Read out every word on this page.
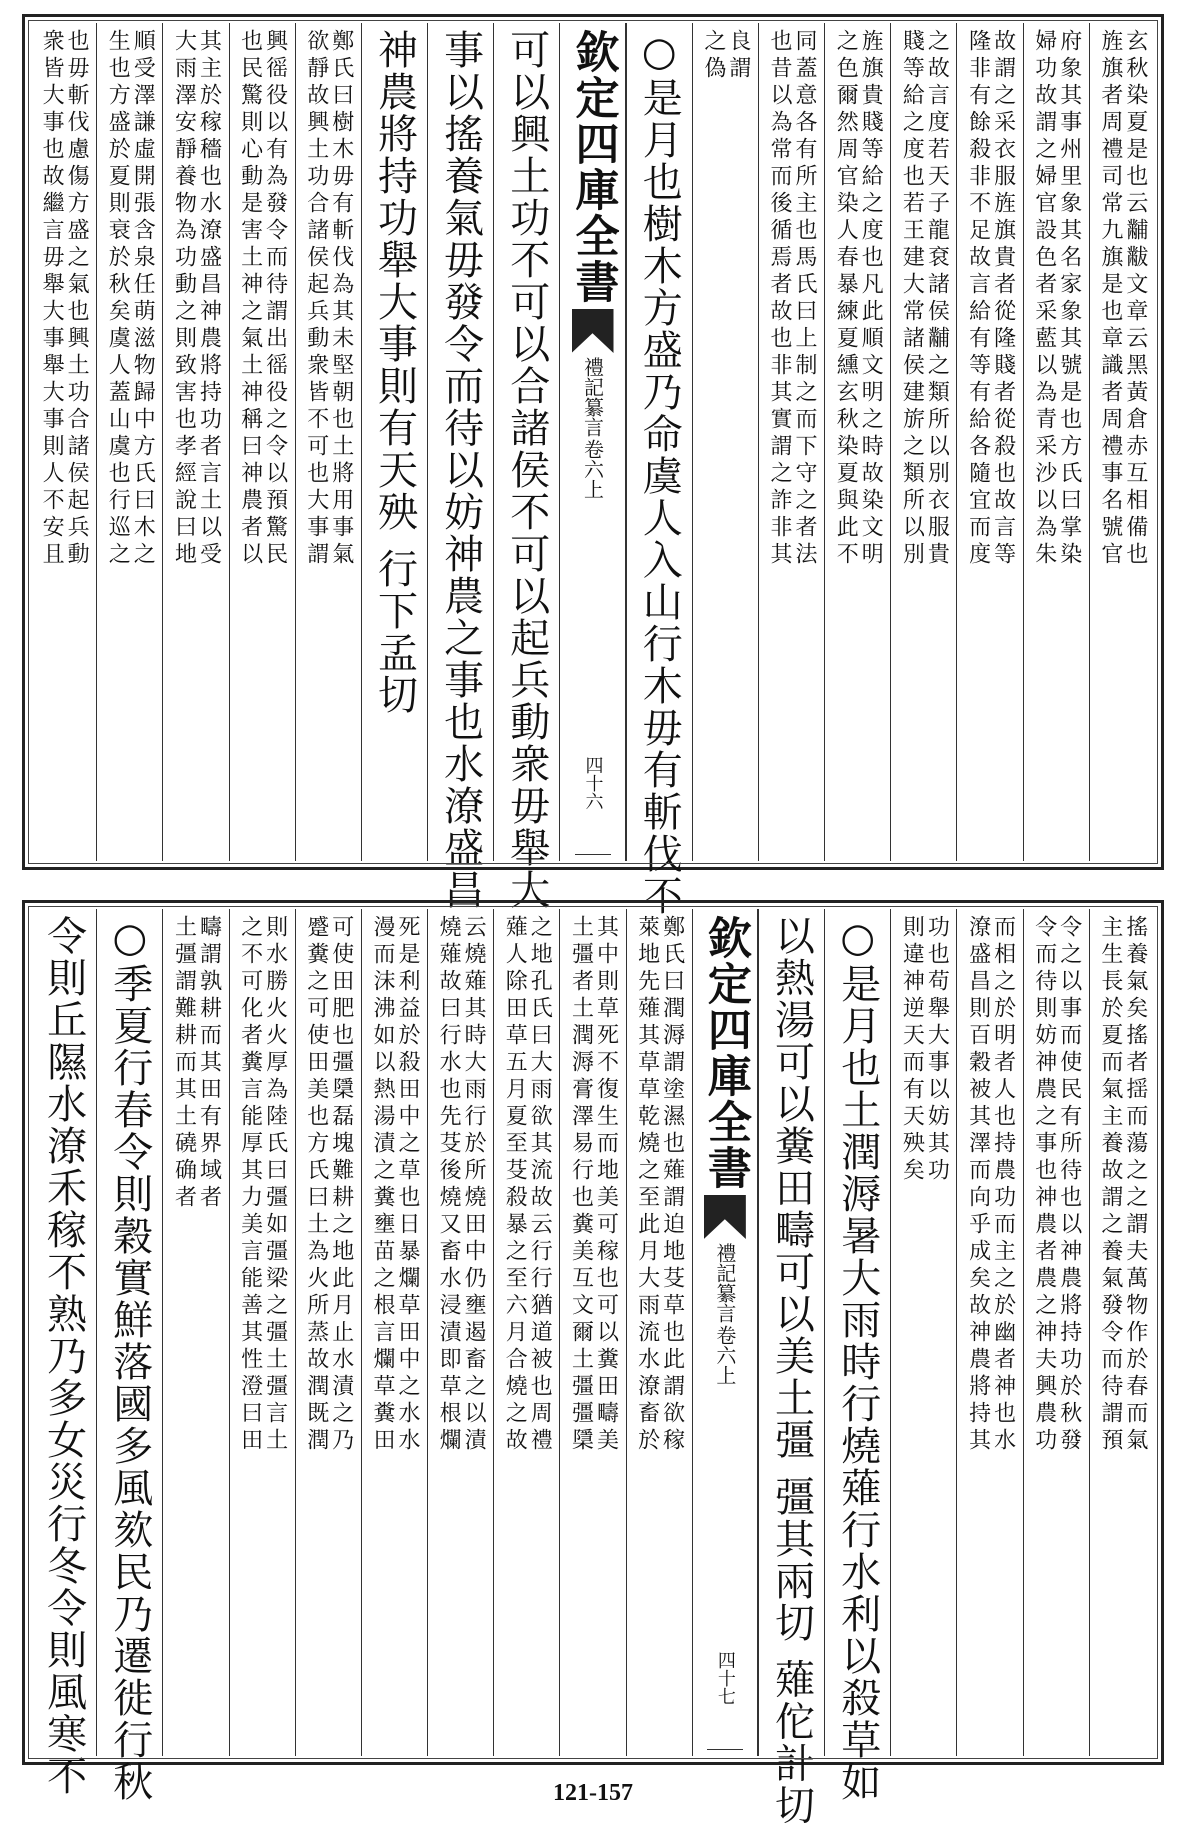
玄秋染夏是也云黼黻文章云黑黃倉赤互相備也
旌旗者周禮司常九旗是也章識者周禮事名號官
府象其事州里象其名家象其號是也方氏曰掌染
婦功故謂之婦官設色者采藍以為青采沙以為朱
故謂之采衣服旌旗貴者從隆賤者從殺也故言等
隆非有餘殺非不足故言給有等有給各隨宜而度
之故言度若天子龍袞諸侯黼之類所以別衣服貴
賤等給之度也若王建大常諸侯建旂之類所以別
旌旗貴賤等給之度也凡此順文明之時故染文明
之色爾然周官染人春暴練夏纁玄秋染夏與此不
同蓋意各有所主也馬氏曰上制之而下守之者法
也昔以為常而後循焉者故也非其實謂之詐非其
良謂
之偽
○是月也樹木方盛乃命虞人入山行木毋有斬伐不
欽定四庫全書
禮記纂言
卷六上
四十六
可以興土功不可以合諸侯不可以起兵動衆毋舉大
事以搖養氣毋發令而待以妨神農之事也水潦盛昌
神農將持功舉大事則有天殃 行下孟切
鄭氏曰樹木毋有斬伐為其未堅朝也土將用事氣
欲靜故興土功合諸侯起兵動衆皆不可也大事謂
興徭役以有為發令而待謂出徭役之令以預驚民
也民驚則心動是害土神之氣土神稱曰神農者以
其主於稼穡也水潦盛昌神農將持功者言土以受
大雨澤安靜養物為功動之則致害也孝經說曰地
順受澤謙虛開張含泉任萌滋物歸中方氏曰木之
生也方盛於夏則衰於秋矣虞人蓋山虞也行巡之
也毋斬伐慮傷方盛之氣也興土功合諸侯起兵動
衆皆大事也故繼言毋舉大事舉大事則人不安且
搖養氣矣搖者揺而蕩之之謂夫萬物作於春而氣
主生長於夏而氣主養故謂之養氣發令而待謂預
令之以事而使民有所待也以神農將持功於秋發
令而待則妨神農之事也神農者農之神夫興農功
而相之於明者人也持農功而主之於幽者神也水
潦盛昌則百穀被其澤而向乎成矣故神農將持其
功也苟舉大事以妨其功
則違神逆天而有天殃矣
○是月也土潤溽暑大雨時行燒薙行水利以殺草如
以熱湯可以糞田疇可以美土彊 彊其兩切 薙佗計切
欽定四庫全書
禮記纂言
卷六上
四十七
鄭氏曰潤溽謂塗濕也薙謂迫地芟草也此謂欲稼
萊地先薙其草草乾燒之至此月大雨流水潦畜於
其中則草死不復生而地美可稼也可以糞田疇美
土彊者土潤溽膏澤易行也糞美互文爾土彊彊檃
之地孔氏曰大雨欲其流故云行行猶道被也周禮
薙人除田草五月夏至芟殺暴之至六月合燒之故
云燒薙其時大雨行於所燒田中仍壅遏畜之以漬
燒薙故曰行水也先芟後燒又畜水浸漬即草根爛
死是利益於殺田中之草也日暴爛草田中之水水
漫而沫沸如以熱湯漬之糞壅苗之根言爛草糞田
可使田肥也彊檃磊塊難耕之地此月止水漬之乃
蹙糞之可使田美也方氏曰土為火所蒸故潤既潤
則水勝火火厚為陸氏曰彊如彊梁之彊土彊言土
之不可化者糞言能厚其力美言能善其性澄曰田
疇謂孰耕而其田有界域者
土彊謂難耕而其土磽确者
○季夏行春令則穀實鮮落國多風欬民乃遷徙行秋
令則丘隰水潦禾稼不熟乃多女災行冬令則風寒不	121-157
